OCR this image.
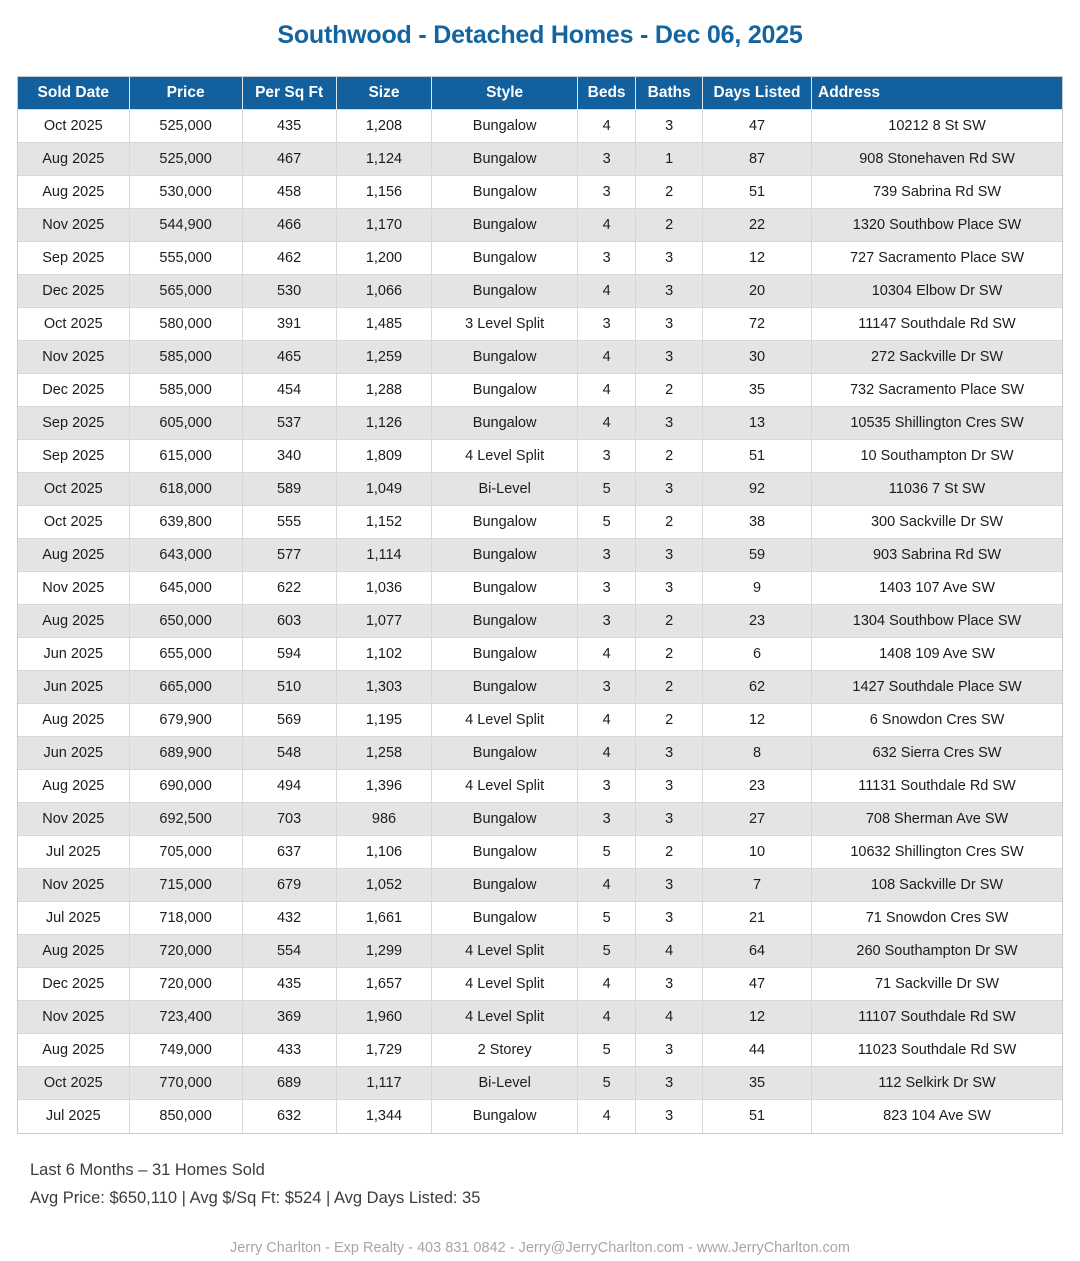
Southwood - Detached Homes - Dec 06, 2025
Sold Date	Price	Per Sq Ft	Size	Style	Beds	Baths	Days Listed	Address
Oct 2025	525,000	435	1,208	Bungalow	4	3	47	10212 8 St SW
Aug 2025	525,000	467	1,124	Bungalow	3	1	87	908 Stonehaven Rd SW
Aug 2025	530,000	458	1,156	Bungalow	3	2	51	739 Sabrina Rd SW
Nov 2025	544,900	466	1,170	Bungalow	4	2	22	1320 Southbow Place SW
Sep 2025	555,000	462	1,200	Bungalow	3	3	12	727 Sacramento Place SW
Dec 2025	565,000	530	1,066	Bungalow	4	3	20	10304 Elbow Dr SW
Oct 2025	580,000	391	1,485	3 Level Split	3	3	72	11147 Southdale Rd SW
Nov 2025	585,000	465	1,259	Bungalow	4	3	30	272 Sackville Dr SW
Dec 2025	585,000	454	1,288	Bungalow	4	2	35	732 Sacramento Place SW
Sep 2025	605,000	537	1,126	Bungalow	4	3	13	10535 Shillington Cres SW
Sep 2025	615,000	340	1,809	4 Level Split	3	2	51	10 Southampton Dr SW
Oct 2025	618,000	589	1,049	Bi-Level	5	3	92	11036 7 St SW
Oct 2025	639,800	555	1,152	Bungalow	5	2	38	300 Sackville Dr SW
Aug 2025	643,000	577	1,114	Bungalow	3	3	59	903 Sabrina Rd SW
Nov 2025	645,000	622	1,036	Bungalow	3	3	9	1403 107 Ave SW
Aug 2025	650,000	603	1,077	Bungalow	3	2	23	1304 Southbow Place SW
Jun 2025	655,000	594	1,102	Bungalow	4	2	6	1408 109 Ave SW
Jun 2025	665,000	510	1,303	Bungalow	3	2	62	1427 Southdale Place SW
Aug 2025	679,900	569	1,195	4 Level Split	4	2	12	6 Snowdon Cres SW
Jun 2025	689,900	548	1,258	Bungalow	4	3	8	632 Sierra Cres SW
Aug 2025	690,000	494	1,396	4 Level Split	3	3	23	11131 Southdale Rd SW
Nov 2025	692,500	703	986	Bungalow	3	3	27	708 Sherman Ave SW
Jul 2025	705,000	637	1,106	Bungalow	5	2	10	10632 Shillington Cres SW
Nov 2025	715,000	679	1,052	Bungalow	4	3	7	108 Sackville Dr SW
Jul 2025	718,000	432	1,661	Bungalow	5	3	21	71 Snowdon Cres SW
Aug 2025	720,000	554	1,299	4 Level Split	5	4	64	260 Southampton Dr SW
Dec 2025	720,000	435	1,657	4 Level Split	4	3	47	71 Sackville Dr SW
Nov 2025	723,400	369	1,960	4 Level Split	4	4	12	11107 Southdale Rd SW
Aug 2025	749,000	433	1,729	2 Storey	5	3	44	11023 Southdale Rd SW
Oct 2025	770,000	689	1,117	Bi-Level	5	3	35	112 Selkirk Dr SW
Jul 2025	850,000	632	1,344	Bungalow	4	3	51	823 104 Ave SW
Last 6 Months – 31 Homes Sold
Avg Price: $650,110 | Avg $/Sq Ft: $524 | Avg Days Listed: 35
Jerry Charlton - Exp Realty - 403 831 0842 - Jerry@JerryCharlton.com - www.JerryCharlton.com
